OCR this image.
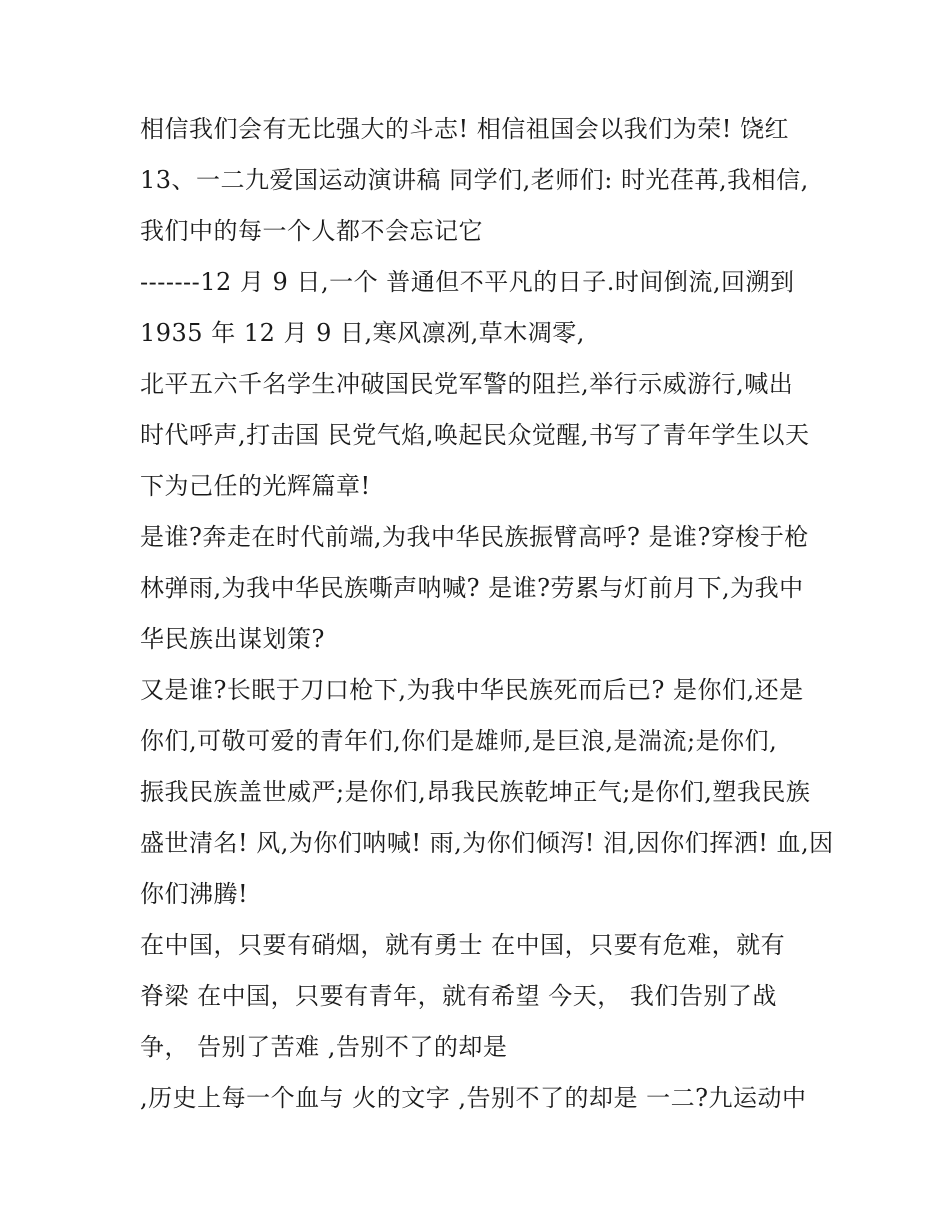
相信我们会有无比强大的斗志! 相信祖国会以我们为荣! 饶红
13、一二九爱国运动演讲稿 同学们,老师们: 时光荏苒,我相信,
我们中的每一个人都不会忘记它
-------12 月 9 日,一个 普通但不平凡的日子.时间倒流,回溯到
1935 年 12 月 9 日,寒风凛冽,草木凋零,
北平五六千名学生冲破国民党军警的阻拦,举行示威游行,喊出
时代呼声,打击国 民党气焰,唤起民众觉醒,书写了青年学生以天
下为己任的光辉篇章!
是谁?奔走在时代前端,为我中华民族振臂高呼? 是谁?穿梭于枪
林弹雨,为我中华民族嘶声呐喊? 是谁?劳累与灯前月下,为我中
华民族出谋划策?
又是谁?长眠于刀口枪下,为我中华民族死而后已? 是你们,还是
你们,可敬可爱的青年们,你们是雄师,是巨浪,是湍流;是你们,
振我民族盖世威严;是你们,昂我民族乾坤正气;是你们,塑我民族
盛世清名! 风,为你们呐喊! 雨,为你们倾泻! 泪,因你们挥洒! 血,因
你们沸腾!
在中国，只要有硝烟，就有勇士 在中国，只要有危难，就有
脊梁 在中国，只要有青年，就有希望 今天， 我们告别了战
争， 告别了苦难 ,告别不了的却是
,历史上每一个血与 火的文字 ,告别不了的却是 一二?九运动中
